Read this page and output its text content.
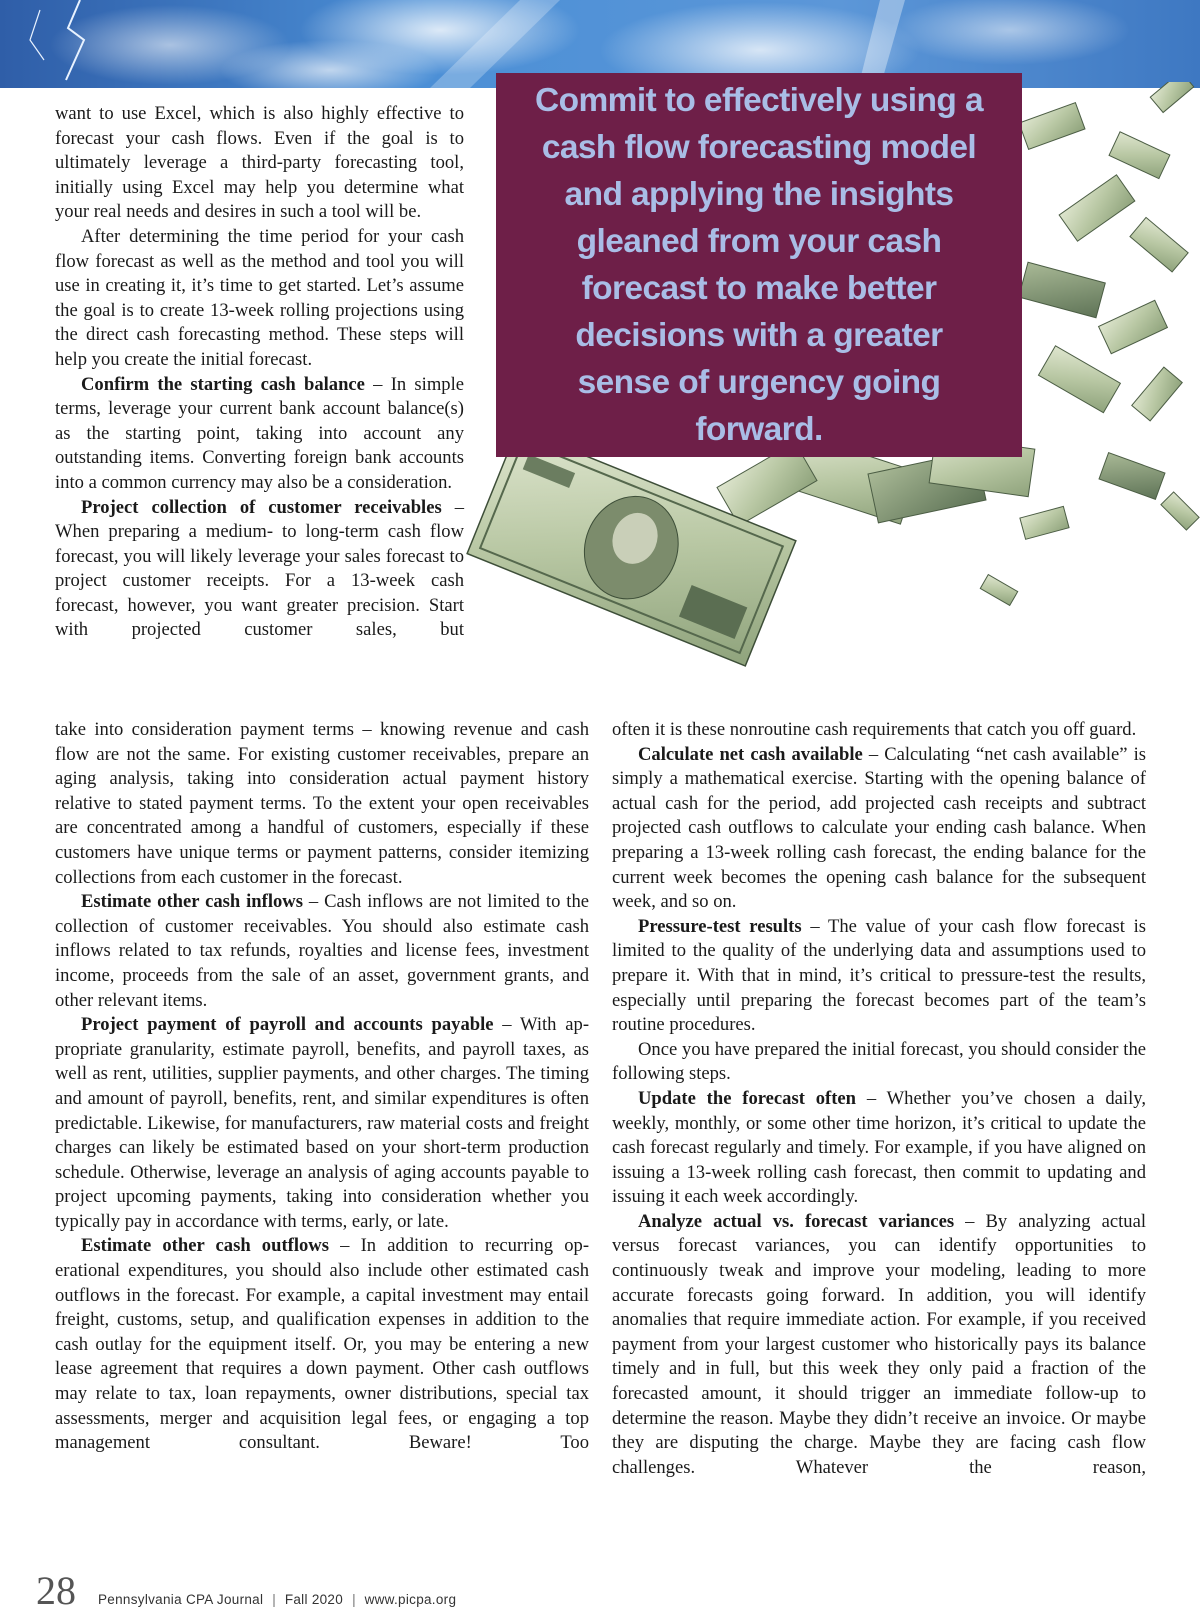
Commit to effectively using a cash flow forecasting model and applying the insights gleaned from your cash forecast to make better decisions with a greater sense of urgency going forward.

want to use Excel, which is also highly effective to forecast your cash flows. Even if the goal is to ultimately leverage a third-party forecasting tool, initially using Excel may help you determine what your real needs and desires in such a tool will be.

After determining the time period for your cash flow forecast as well as the method and tool you will use in creating it, it’s time to get started. Let’s assume the goal is to create 13-week rolling projections using the direct cash forecasting method. These steps will help you create the initial forecast.

Confirm the starting cash balance – In simple terms, leverage your current bank account balance(s) as the starting point, taking into account any outstanding items. Converting foreign bank accounts into a common currency may also be a consideration.

Project collection of customer receivables – When preparing a medium- to long-term cash flow forecast, you will likely leverage your sales forecast to project customer receipts. For a 13-week cash forecast, however, you want greater precision. Start with projected customer sales, but

take into consideration payment terms – knowing revenue and cash flow are not the same. For existing customer receivables, prepare an aging analysis, taking into consideration actual payment history relative to stated payment terms. To the extent your open receivables are concentrated among a handful of customers, especially if these customers have unique terms or payment patterns, consider itemizing collections from each customer in the forecast.

Estimate other cash inflows – Cash inflows are not limited to the collection of customer receivables. You should also estimate cash inflows related to tax refunds, royalties and license fees, investment income, proceeds from the sale of an asset, government grants, and other relevant items.

Project payment of payroll and accounts payable – With appropriate granularity, estimate payroll, benefits, and payroll taxes, as well as rent, utilities, supplier payments, and other charges. The timing and amount of payroll, benefits, rent, and similar expenditures is often predictable. Likewise, for manufacturers, raw material costs and freight charges can likely be estimated based on your short-term production schedule. Otherwise, leverage an analysis of aging accounts payable to project upcoming payments, taking into consideration whether you typically pay in accordance with terms, early, or late.

Estimate other cash outflows – In addition to recurring operational expenditures, you should also include other estimated cash outflows in the forecast. For example, a capital investment may entail freight, customs, setup, and qualification expenses in addition to the cash outlay for the equipment itself. Or, you may be entering a new lease agreement that requires a down payment. Other cash outflows may relate to tax, loan repayments, owner distributions, special tax assessments, merger and acquisition legal fees, or engaging a top management consultant. Beware! Too

often it is these nonroutine cash requirements that catch you off guard.

Calculate net cash available – Calculating “net cash available” is simply a mathematical exercise. Starting with the opening balance of actual cash for the period, add projected cash receipts and subtract projected cash outflows to calculate your ending cash balance. When preparing a 13-week rolling cash forecast, the ending balance for the current week becomes the opening cash balance for the subsequent week, and so on.

Pressure-test results – The value of your cash flow forecast is limited to the quality of the underlying data and assumptions used to prepare it. With that in mind, it’s critical to pressure-test the results, especially until preparing the forecast becomes part of the team’s routine procedures.

Once you have prepared the initial forecast, you should consider the following steps.

Update the forecast often – Whether you’ve chosen a daily, weekly, monthly, or some other time horizon, it’s critical to update the cash forecast regularly and timely. For example, if you have aligned on issuing a 13-week rolling cash forecast, then commit to updating and issuing it each week accordingly.

Analyze actual vs. forecast variances – By analyzing actual versus forecast variances, you can identify opportunities to continuously tweak and improve your modeling, leading to more accurate forecasts going forward. In addition, you will identify anomalies that require immediate action. For example, if you received payment from your largest customer who historically pays its balance timely and in full, but this week they only paid a fraction of the forecasted amount, it should trigger an immediate follow-up to determine the reason. Maybe they didn’t receive an invoice. Or maybe they are disputing the charge. Maybe they are facing cash flow challenges. Whatever the reason,

28 Pennsylvania CPA Journal | Fall 2020 | www.picpa.org
